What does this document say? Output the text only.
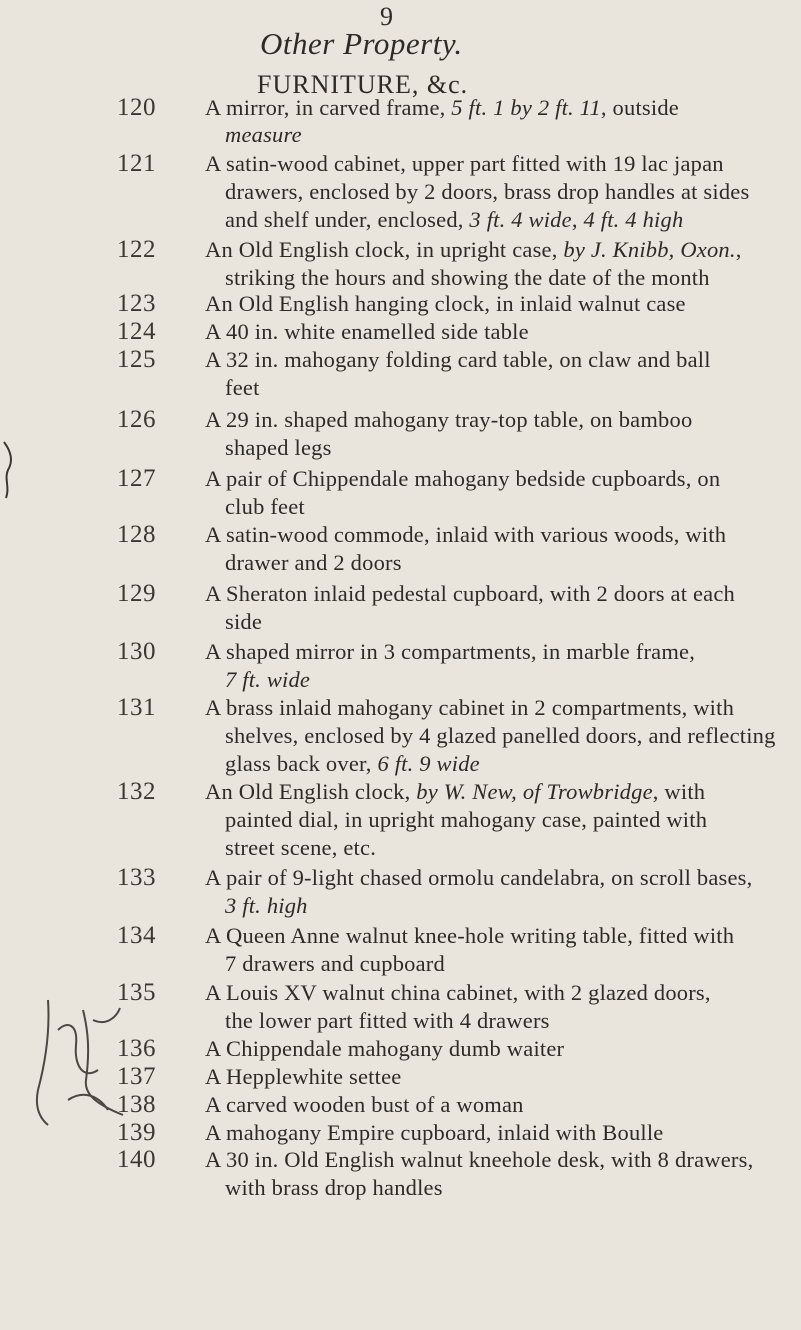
9
Other Property.
FURNITURE, &c.
120 A mirror, in carved frame, 5 ft. 1 by 2 ft. 11, outside
measure
121 A satin-wood cabinet, upper part fitted with 19 lac japan
drawers, enclosed by 2 doors, brass drop handles at sides
and shelf under, enclosed, 3 ft. 4 wide, 4 ft. 4 high
122 An Old English clock, in upright case, by J. Knibb, Oxon.,
striking the hours and showing the date of the month
123 An Old English hanging clock, in inlaid walnut case
124 A 40 in. white enamelled side table
125 A 32 in. mahogany folding card table, on claw and ball
feet
126 A 29 in. shaped mahogany tray-top table, on bamboo
shaped legs
127 A pair of Chippendale mahogany bedside cupboards, on
club feet
128 A satin-wood commode, inlaid with various woods, with
drawer and 2 doors
129 A Sheraton inlaid pedestal cupboard, with 2 doors at each
side
130 A shaped mirror in 3 compartments, in marble frame,
7 ft. wide
131 A brass inlaid mahogany cabinet in 2 compartments, with
shelves, enclosed by 4 glazed panelled doors, and reflecting
glass back over, 6 ft. 9 wide
132 An Old English clock, by W. New, of Trowbridge, with
painted dial, in upright mahogany case, painted with
street scene, etc.
133 A pair of 9-light chased ormolu candelabra, on scroll bases,
3 ft. high
134 A Queen Anne walnut knee-hole writing table, fitted with
7 drawers and cupboard
135 A Louis XV walnut china cabinet, with 2 glazed doors,
the lower part fitted with 4 drawers
136 A Chippendale mahogany dumb waiter
137 A Hepplewhite settee
138 A carved wooden bust of a woman
139 A mahogany Empire cupboard, inlaid with Boulle
140 A 30 in. Old English walnut kneehole desk, with 8 drawers,
with brass drop handles
